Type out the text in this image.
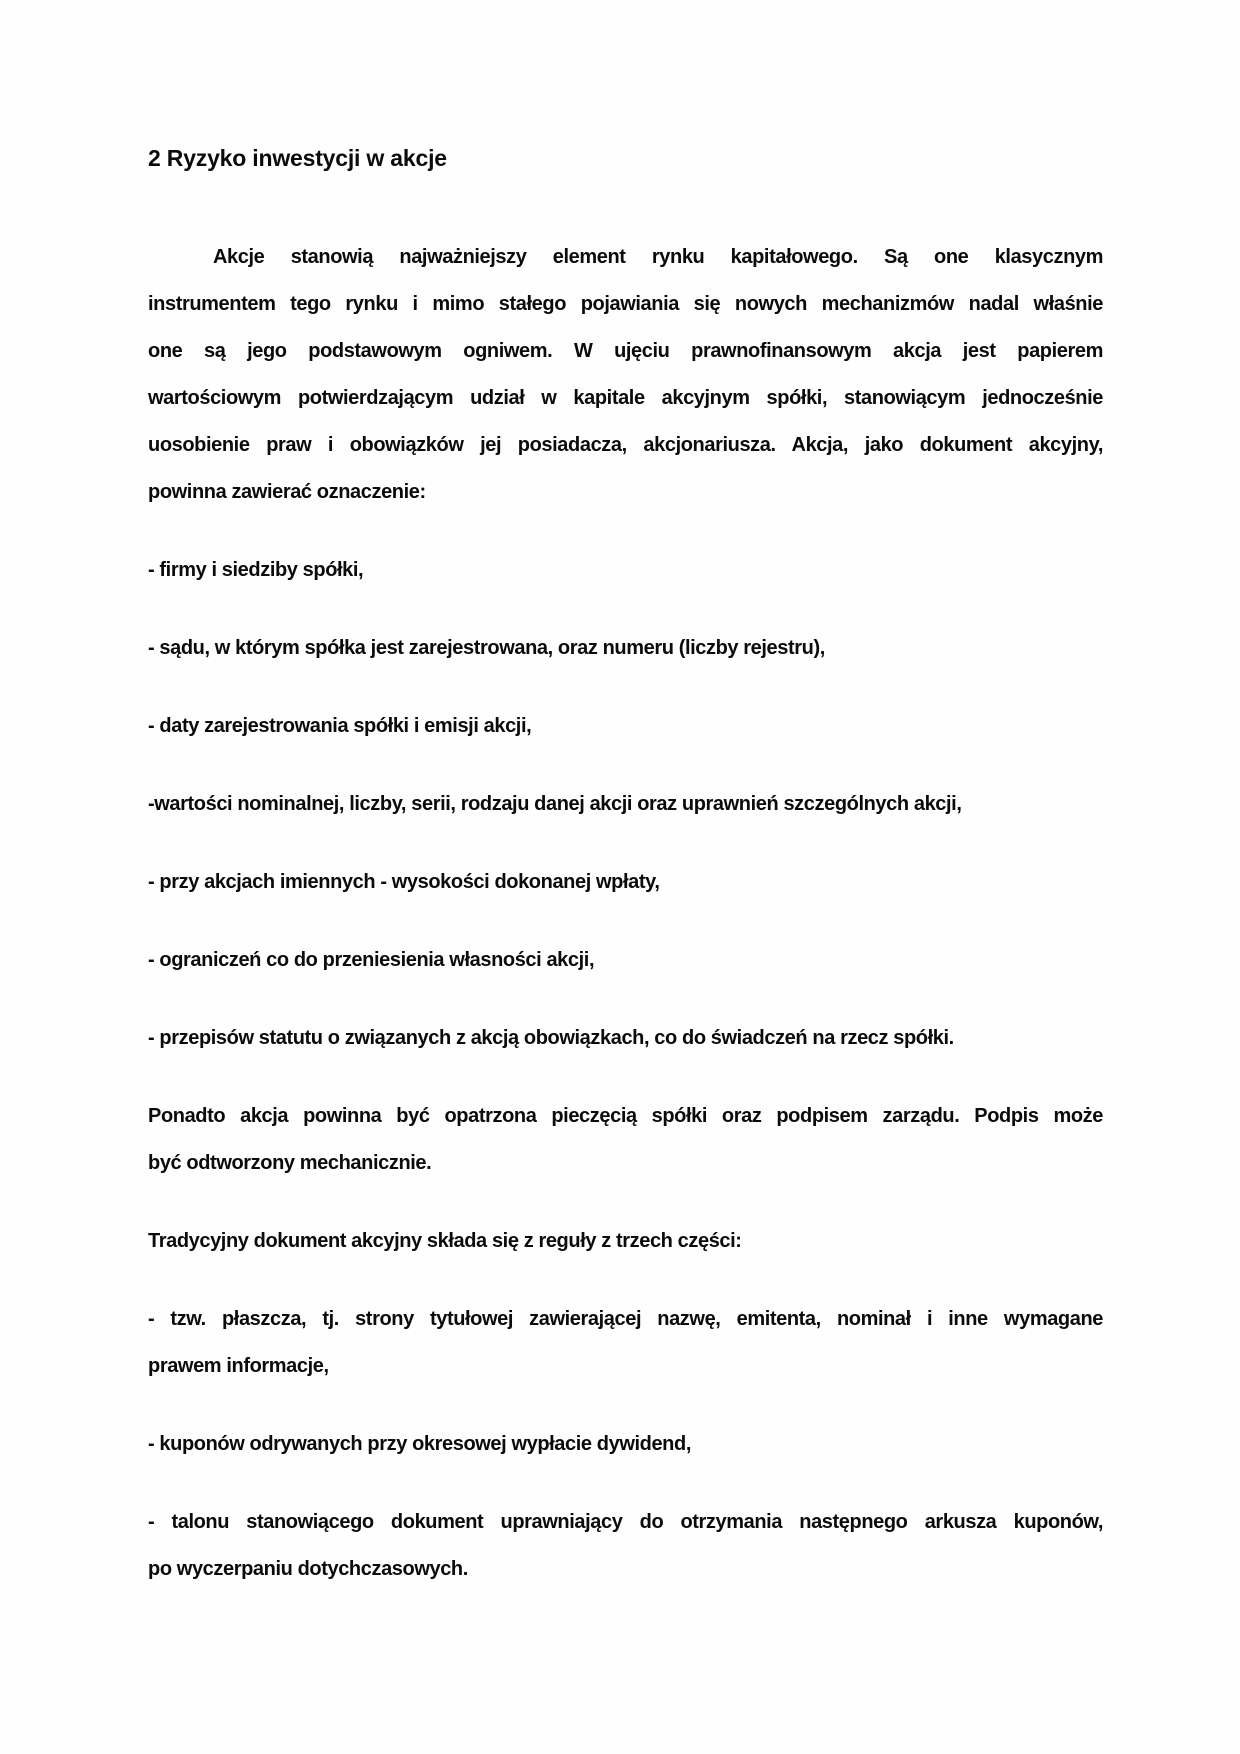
2 Ryzyko inwestycji w akcje
Akcje stanowią najważniejszy element rynku kapitałowego. Są one klasycznym
instrumentem tego rynku i mimo stałego pojawiania się nowych mechanizmów nadal właśnie
one są jego podstawowym ogniwem. W ujęciu prawnofinansowym akcja jest papierem
wartościowym potwierdzającym udział w kapitale akcyjnym spółki, stanowiącym jednocześnie
uosobienie praw i obowiązków jej posiadacza, akcjonariusza. Akcja, jako dokument akcyjny,
powinna zawierać oznaczenie:
- firmy i siedziby spółki,
- sądu, w którym spółka jest zarejestrowana, oraz numeru (liczby rejestru),
- daty zarejestrowania spółki i emisji akcji,
-wartości nominalnej, liczby, serii, rodzaju danej akcji oraz uprawnień szczególnych akcji,
- przy akcjach imiennych - wysokości dokonanej wpłaty,
- ograniczeń co do przeniesienia własności akcji,
- przepisów statutu o związanych z akcją obowiązkach, co do świadczeń na rzecz spółki.
Ponadto akcja powinna być opatrzona pieczęcią spółki oraz podpisem zarządu. Podpis może
być odtworzony mechanicznie.
Tradycyjny dokument akcyjny składa się z reguły z trzech części:
- tzw. płaszcza, tj. strony tytułowej zawierającej nazwę, emitenta, nominał i inne wymagane
prawem informacje,
- kuponów odrywanych przy okresowej wypłacie dywidend,
- talonu stanowiącego dokument uprawniający do otrzymania następnego arkusza kuponów,
po wyczerpaniu dotychczasowych.
